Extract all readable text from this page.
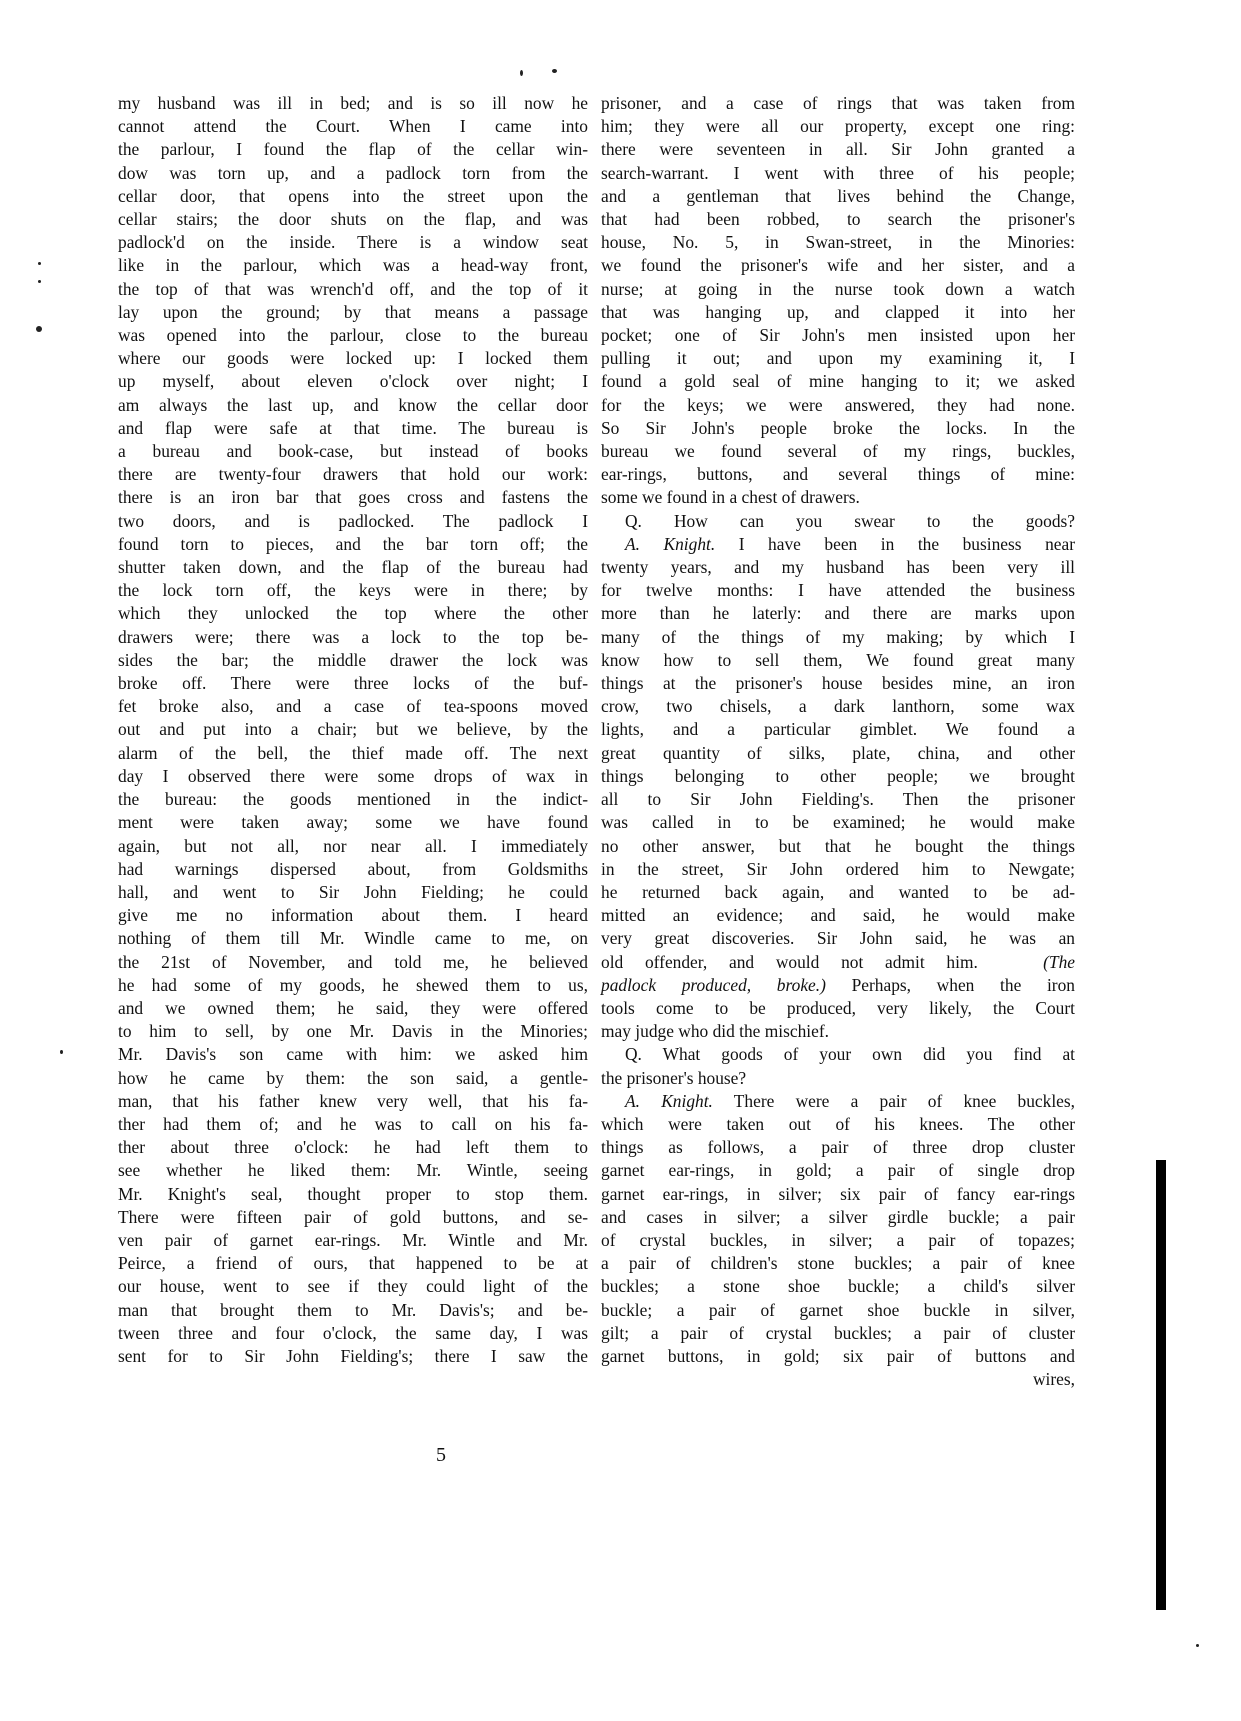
my husband was ill in bed; and is so ill now he
cannot attend the Court. When I came into
the parlour, I found the flap of the cellar win-
dow was torn up, and a padlock torn from the
cellar door, that opens into the street upon the
cellar stairs; the door shuts on the flap, and was
padlock'd on the inside. There is a window seat
like in the parlour, which was a head-way front,
the top of that was wrench'd off, and the top of it
lay upon the ground; by that means a passage
was opened into the parlour, close to the bureau
where our goods were locked up: I locked them
up myself, about eleven o'clock over night; I
am always the last up, and know the cellar door
and flap were safe at that time. The bureau is
a bureau and book-case, but instead of books
there are twenty-four drawers that hold our work:
there is an iron bar that goes cross and fastens the
two doors, and is padlocked. The padlock I
found torn to pieces, and the bar torn off; the
shutter taken down, and the flap of the bureau had
the lock torn off, the keys were in there; by
which they unlocked the top where the other
drawers were; there was a lock to the top be-
sides the bar; the middle drawer the lock was
broke off. There were three locks of the buf-
fet broke also, and a case of tea-spoons moved
out and put into a chair; but we believe, by the
alarm of the bell, the thief made off. The next
day I observed there were some drops of wax in
the bureau: the goods mentioned in the indict-
ment were taken away; some we have found
again, but not all, nor near all. I immediately
had warnings dispersed about, from Goldsmiths
hall, and went to Sir John Fielding; he could
give me no information about them. I heard
nothing of them till Mr. Windle came to me, on
the 21st of November, and told me, he believed
he had some of my goods, he shewed them to us,
and we owned them; he said, they were offered
to him to sell, by one Mr. Davis in the Minories;
Mr. Davis's son came with him: we asked him
how he came by them: the son said, a gentle-
man, that his father knew very well, that his fa-
ther had them of; and he was to call on his fa-
ther about three o'clock: he had left them to
see whether he liked them: Mr. Wintle, seeing
Mr. Knight's seal, thought proper to stop them.
There were fifteen pair of gold buttons, and se-
ven pair of garnet ear-rings. Mr. Wintle and Mr.
Peirce, a friend of ours, that happened to be at
our house, went to see if they could light of the
man that brought them to Mr. Davis's; and be-
tween three and four o'clock, the same day, I was
sent for to Sir John Fielding's; there I saw the
prisoner, and a case of rings that was taken from
him; they were all our property, except one ring:
there were seventeen in all. Sir John granted a
search-warrant. I went with three of his people;
and a gentleman that lives behind the Change,
that had been robbed, to search the prisoner's
house, No. 5, in Swan-street, in the Minories:
we found the prisoner's wife and her sister, and a
nurse; at going in the nurse took down a watch
that was hanging up, and clapped it into her
pocket; one of Sir John's men insisted upon her
pulling it out; and upon my examining it, I
found a gold seal of mine hanging to it; we asked
for the keys; we were answered, they had none.
So Sir John's people broke the locks. In the
bureau we found several of my rings, buckles,
ear-rings, buttons, and several things of mine:
some we found in a chest of drawers.
Q. How can you swear to the goods?
A. Knight. I have been in the business near
twenty years, and my husband has been very ill
for twelve months: I have attended the business
more than he laterly: and there are marks upon
many of the things of my making; by which I
know how to sell them, We found great many
things at the prisoner's house besides mine, an iron
crow, two chisels, a dark lanthorn, some wax
lights, and a particular gimblet. We found a
great quantity of silks, plate, china, and other
things belonging to other people; we brought
all to Sir John Fielding's. Then the prisoner
was called in to be examined; he would make
no other answer, but that he bought the things
in the street, Sir John ordered him to Newgate;
he returned back again, and wanted to be ad-
mitted an evidence; and said, he would make
very great discoveries. Sir John said, he was an
old offender, and would not admit him.	(The
padlock produced, broke.) Perhaps, when the iron
tools come to be produced, very likely, the Court
may judge who did the mischief.
Q. What goods of your own did you find at
the prisoner's house?
A. Knight. There were a pair of knee buckles,
which were taken out of his knees. The other
things as follows, a pair of three drop cluster
garnet ear-rings, in gold; a pair of single drop
garnet ear-rings, in silver; six pair of fancy ear-rings
and cases in silver; a silver girdle buckle; a pair
of crystal buckles, in silver; a pair of topazes;
a pair of children's stone buckles; a pair of knee
buckles; a stone shoe buckle; a child's silver
buckle; a pair of garnet shoe buckle in silver,
gilt; a pair of crystal buckles; a pair of cluster
garnet buttons, in gold; six pair of buttons and
wires,
5
